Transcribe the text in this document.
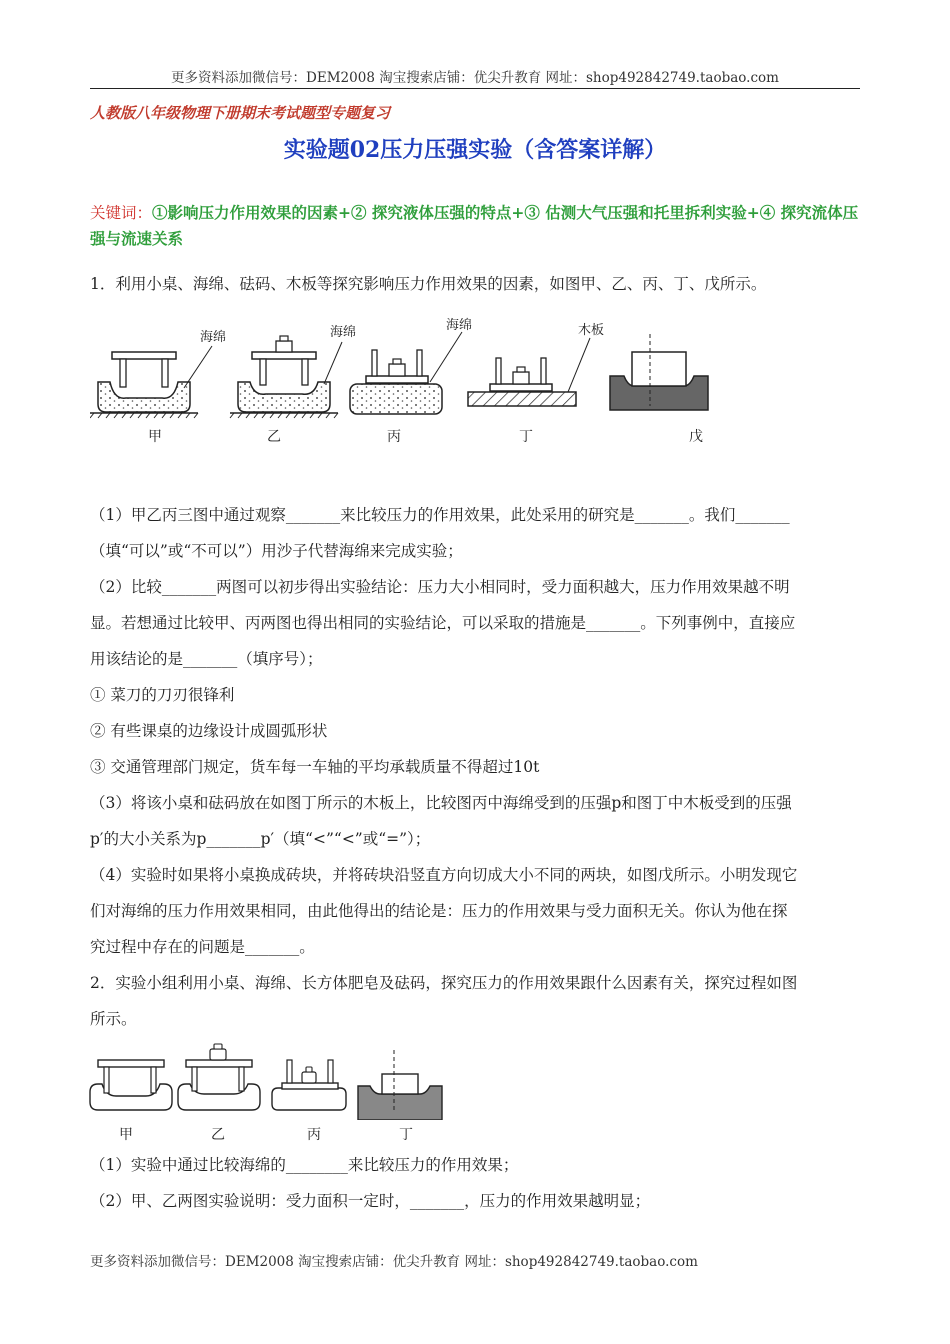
更多资料添加微信号：DEM2008 淘宝搜索店铺：优尖升教育 网址：shop492842749.taobao.com
人教版八年级物理下册期末考试题型专题复习
实验题02压力压强实验（含答案详解）
关键词：①影响压力作用效果的因素+② 探究液体压强的特点+③ 估测大气压强和托里拆利实验+④ 探究流体压强与流速关系
1．利用小桌、海绵、砝码、木板等探究影响压力作用效果的因素，如图甲、乙、丙、丁、戊所示。
海绵	海绵	海绵	木板
甲	乙	丙	丁	戊
（1）甲乙丙三图中通过观察_______来比较压力的作用效果，此处采用的研究是_______。我们_______
（填“可以”或“不可以”）用沙子代替海绵来完成实验；
（2）比较_______两图可以初步得出实验结论：压力大小相同时，受力面积越大，压力作用效果越不明
显。若想通过比较甲、丙两图也得出相同的实验结论，可以采取的措施是_______。下列事例中，直接应
用该结论的是_______（填序号）；
① 菜刀的刀刃很锋利
② 有些课桌的边缘设计成圆弧形状
③ 交通管理部门规定，货车每一车轴的平均承载质量不得超过10t
（3）将该小桌和砝码放在如图丁所示的木板上，比较图丙中海绵受到的压强p和图丁中木板受到的压强
p′的大小关系为p_______p′（填“<”“<”或“=”）；
（4）实验时如果将小桌换成砖块，并将砖块沿竖直方向切成大小不同的两块，如图戊所示。小明发现它
们对海绵的压力作用效果相同，由此他得出的结论是：压力的作用效果与受力面积无关。你认为他在探
究过程中存在的问题是_______。
2．实验小组利用小桌、海绵、长方体肥皂及砝码，探究压力的作用效果跟什么因素有关，探究过程如图
所示。
甲	乙	丙	丁
（1）实验中通过比较海绵的________来比较压力的作用效果；
（2）甲、乙两图实验说明：受力面积一定时，_______，压力的作用效果越明显；
更多资料添加微信号：DEM2008 淘宝搜索店铺：优尖升教育 网址：shop492842749.taobao.com
